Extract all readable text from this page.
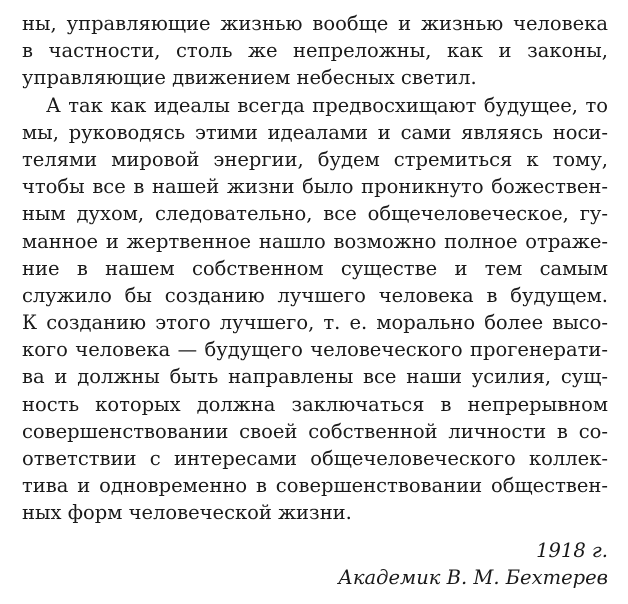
ны, управляющие жизнью вообще и жизнью человека
в частности, столь же непреложны, как и законы,
управляющие движением небесных светил.
А так как идеалы всегда предвосхищают будущее, то
мы, руководясь этими идеалами и сами являясь носи-
телями мировой энергии, будем стремиться к тому,
чтобы все в нашей жизни было проникнуто божествен-
ным духом, следовательно, все общечеловеческое, гу-
манное и жертвенное нашло возможно полное отраже-
ние в нашем собственном существе и тем самым
служило бы созданию лучшего человека в будущем.
К созданию этого лучшего, т. е. морально более высо-
кого человека — будущего человеческого прогенерати-
ва и должны быть направлены все наши усилия, сущ-
ность которых должна заключаться в непрерывном
совершенствовании своей собственной личности в со-
ответствии с интересами общечеловеческого коллек-
тива и одновременно в совершенствовании обществен-
ных форм человеческой жизни.
1918 г.
Академик В. М. Бехтерев
